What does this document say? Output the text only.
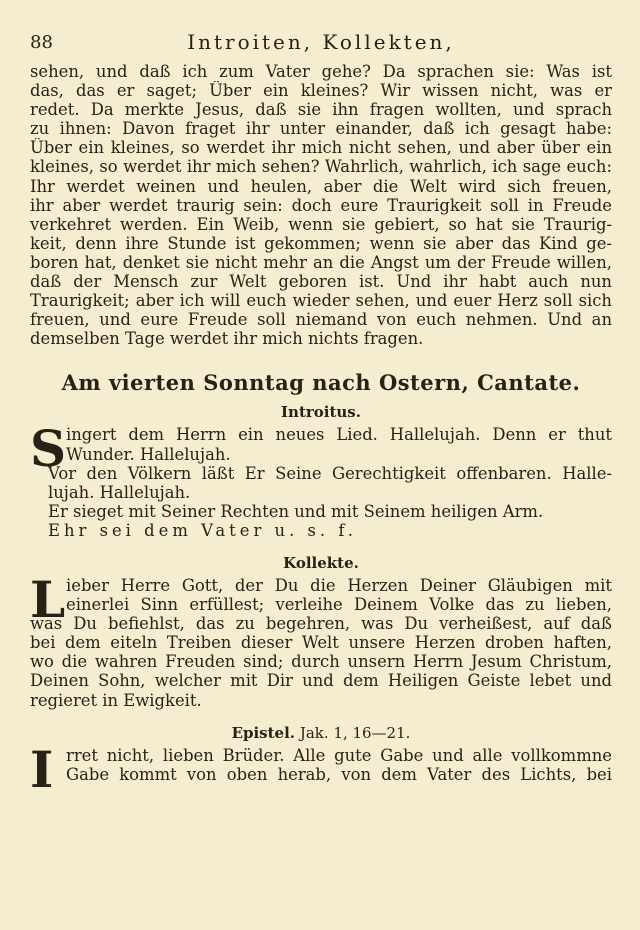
88	Introiten, Kollekten,
sehen, und daß ich zum Vater gehe? Da sprachen sie: Was ist
das, das er saget; Über ein kleines? Wir wissen nicht, was er
redet. Da merkte Jesus, daß sie ihn fragen wollten, und sprach
zu ihnen: Davon fraget ihr unter einander, daß ich gesagt habe:
Über ein kleines, so werdet ihr mich nicht sehen, und aber über ein
kleines, so werdet ihr mich sehen? Wahrlich, wahrlich, ich sage euch:
Ihr werdet weinen und heulen, aber die Welt wird sich freuen,
ihr aber werdet traurig sein: doch eure Traurigkeit soll in Freude
verkehret werden. Ein Weib, wenn sie gebiert, so hat sie Traurig-
keit, denn ihre Stunde ist gekommen; wenn sie aber das Kind ge-
boren hat, denket sie nicht mehr an die Angst um der Freude willen,
daß der Mensch zur Welt geboren ist. Und ihr habt auch nun
Traurigkeit; aber ich will euch wieder sehen, und euer Herz soll sich
freuen, und eure Freude soll niemand von euch nehmen. Und an
demselben Tage werdet ihr mich nichts fragen.
Am vierten Sonntag nach Ostern, Cantate.
Introitus.
S ingert dem Herrn ein neues Lied. Hallelujah. Denn er thut
Wunder. Hallelujah.
Vor den Völkern läßt Er Seine Gerechtigkeit offenbaren. Halle-
lujah. Hallelujah.
Er sieget mit Seiner Rechten und mit Seinem heiligen Arm.
Ehr sei dem Vater u. s. f.
Kollekte.
L ieber Herre Gott, der Du die Herzen Deiner Gläubigen mit
einerlei Sinn erfüllest; verleihe Deinem Volke das zu lieben,
was Du befiehlst, das zu begehren, was Du verheißest, auf daß
bei dem eiteln Treiben dieser Welt unsere Herzen droben haften,
wo die wahren Freuden sind; durch unsern Herrn Jesum Christum,
Deinen Sohn, welcher mit Dir und dem Heiligen Geiste lebet und
regieret in Ewigkeit.
Epistel. Jak. 1, 16—21.
I rret nicht, lieben Brüder. Alle gute Gabe und alle vollkommne
Gabe kommt von oben herab, von dem Vater des Lichts, bei
